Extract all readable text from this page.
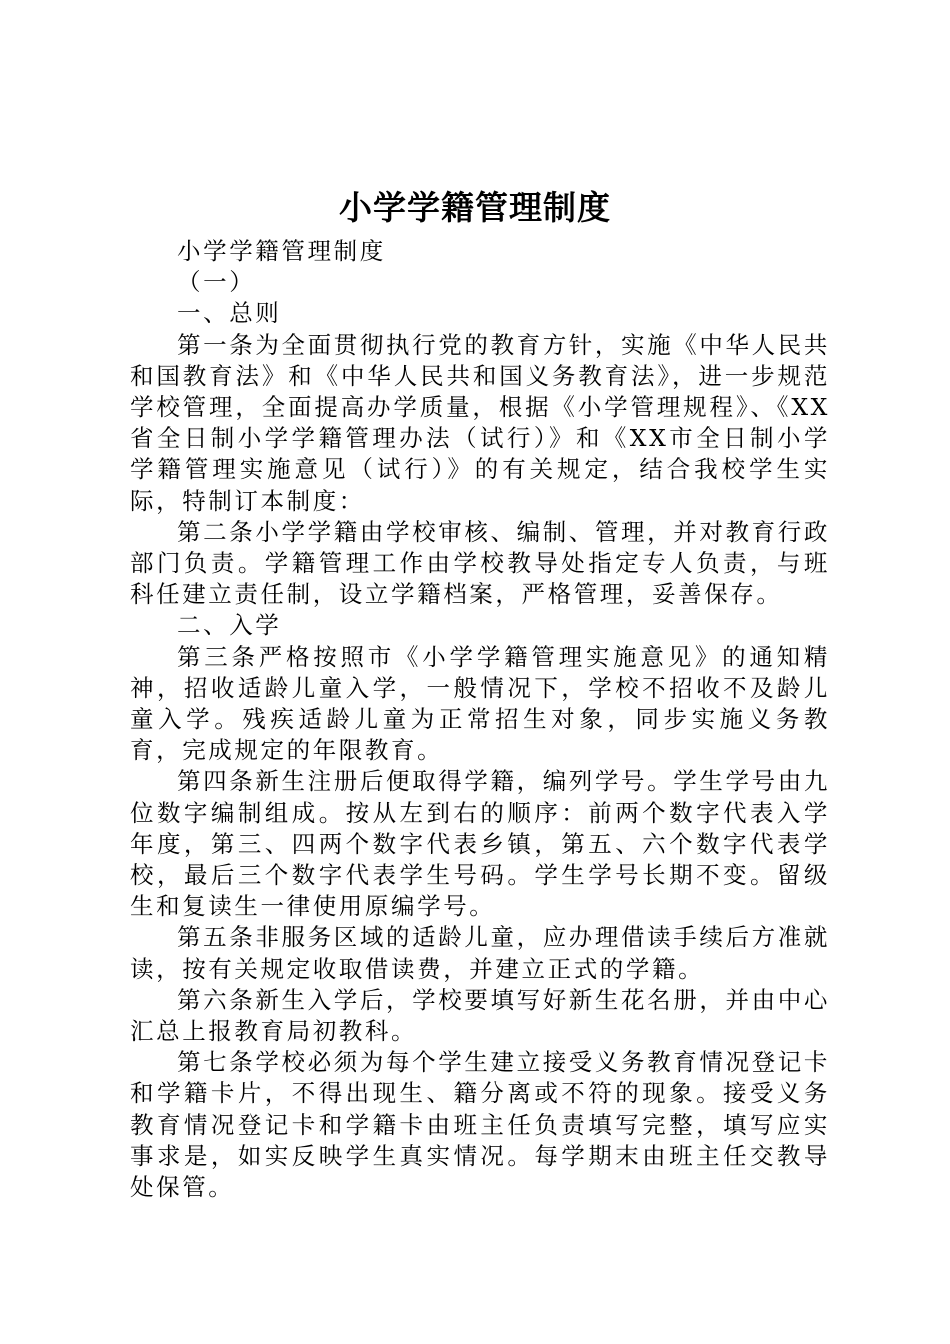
小学学籍管理制度

小学学籍管理制度

（一）

一、总则

第一条为全面贯彻执行党的教育方针，实施《中华人民共和国教育法》和《中华人民共和国义务教育法》，进一步规范学校管理，全面提高办学质量，根据《小学管理规程》、《XX省全日制小学学籍管理办法（试行）》和《XX市全日制小学学籍管理实施意见（试行）》的有关规定，结合我校学生实际，特制订本制度：

第二条小学学籍由学校审核、编制、管理，并对教育行政部门负责。学籍管理工作由学校教导处指定专人负责，与班科任建立责任制，设立学籍档案，严格管理，妥善保存。

二、入学

第三条严格按照市《小学学籍管理实施意见》的通知精神，招收适龄儿童入学，一般情况下，学校不招收不及龄儿童入学。残疾适龄儿童为正常招生对象，同步实施义务教育，完成规定的年限教育。

第四条新生注册后便取得学籍，编列学号。学生学号由九位数字编制组成。按从左到右的顺序：前两个数字代表入学年度，第三、四两个数字代表乡镇，第五、六个数字代表学校，最后三个数字代表学生号码。学生学号长期不变。留级生和复读生一律使用原编学号。

第五条非服务区域的适龄儿童，应办理借读手续后方准就读，按有关规定收取借读费，并建立正式的学籍。

第六条新生入学后，学校要填写好新生花名册，并由中心汇总上报教育局初教科。

第七条学校必须为每个学生建立接受义务教育情况登记卡和学籍卡片，不得出现生、籍分离或不符的现象。接受义务教育情况登记卡和学籍卡由班主任负责填写完整，填写应实事求是，如实反映学生真实情况。每学期末由班主任交教导处保管。
